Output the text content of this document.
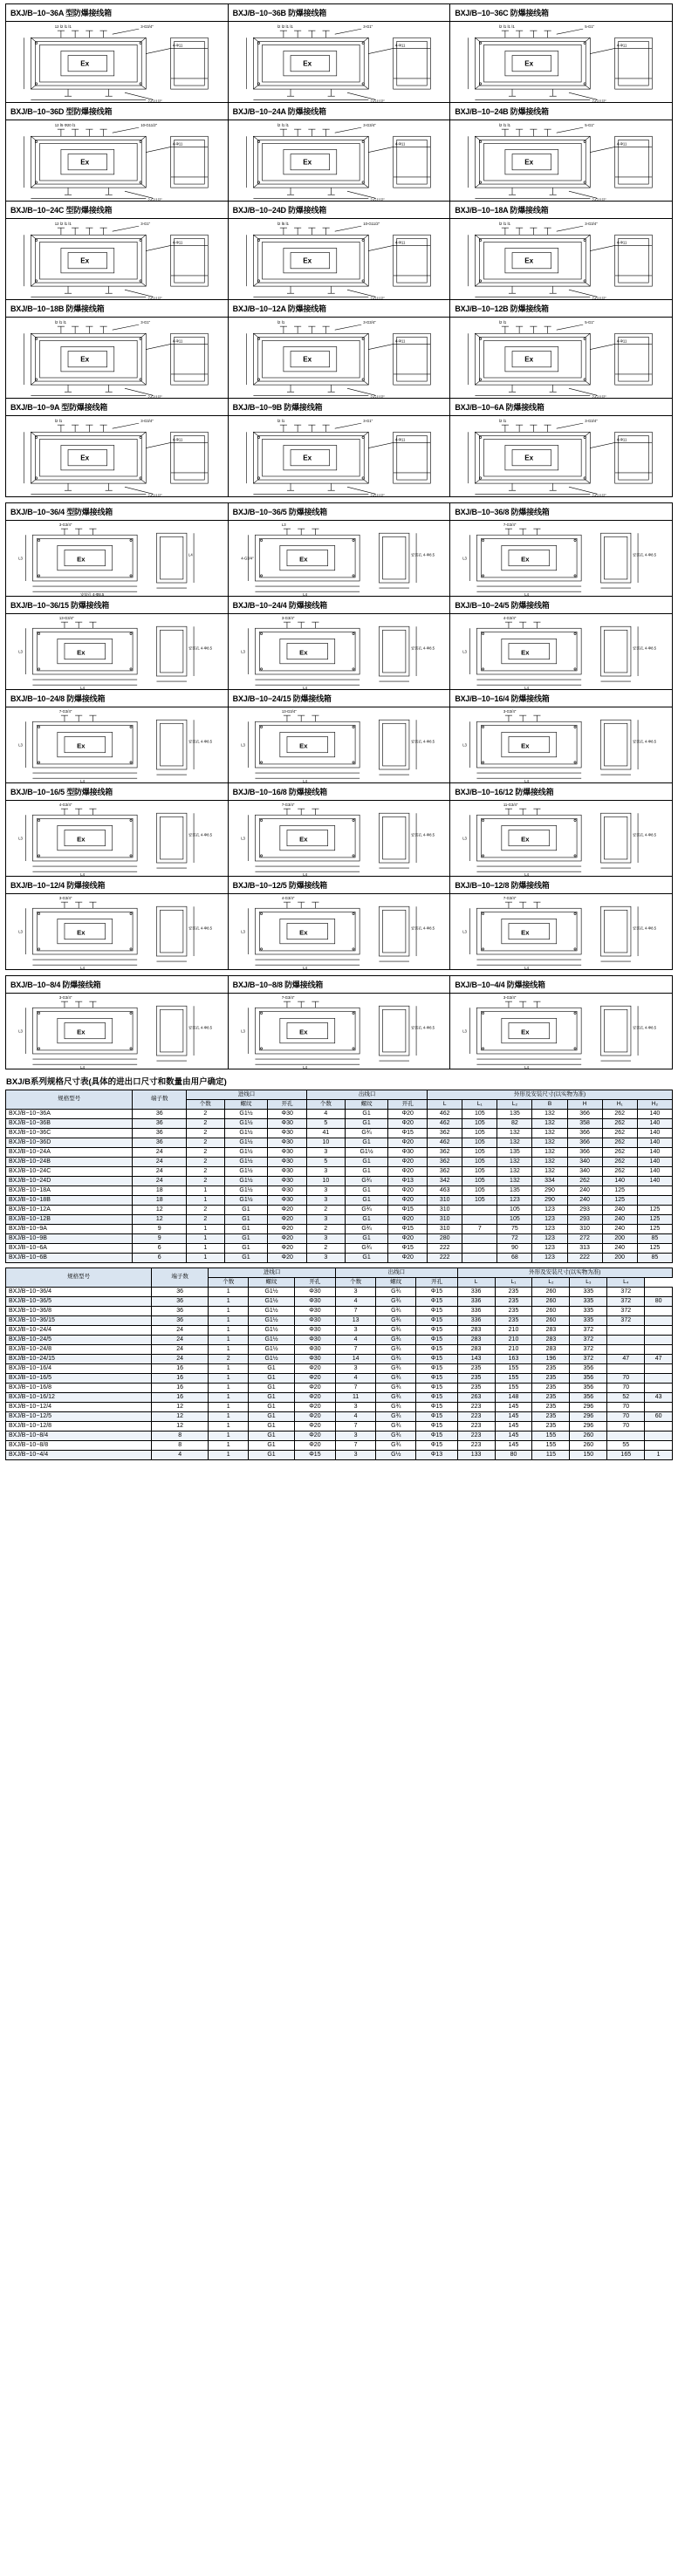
BXJ/B−10−36A 型防爆接线箱
12 Ⅰ2 Ⅰ1 Ⅰ1	3-G3/4"
4-Φ11
2-G11/2"
Ex
BXJ/B−10−36B 防爆接线箱
Ⅰ2 Ⅰ2 Ⅰ1 Ⅰ1	3-G1"
4-Φ11
2-G11/2"
Ex
BXJ/B−10−36C 防爆接线箱
Ⅰ2 Ⅰ1 Ⅰ1 Ⅰ1	5-G1"
4-Φ11
2-G11/2"
Ex
BXJ/B−10−36D 型防爆接线箱
12 Ⅰ5 Φ20 Ⅰ1	10-G11/2"
4-Φ11
2-G11/2"
Ex
BXJ/B−10−24A 防爆接线箱
Ⅰ2 Ⅰ1 Ⅰ1	3-G3/4"
4-Φ11
2-G11/2"
Ex
BXJ/B−10−24B 防爆接线箱
Ⅰ2 Ⅰ1 Ⅰ1	5-G1"
4-Φ11
2-G11/2"
Ex
BXJ/B−10−24C 型防爆接线箱
12 Ⅰ2 Ⅰ1 Ⅰ1	3-G1"
4-Φ11
2-G11/2"
Ex
BXJ/B−10−24D 防爆接线箱
Ⅰ2 Ⅰ5 Ⅰ1	10-G11/2"
4-Φ11
2-G11/2"
Ex
BXJ/B−10−18A 防爆接线箱
Ⅰ2 Ⅰ1 Ⅰ1	3-G3/4"
4-Φ11
2-G11/2"
Ex
BXJ/B−10−18B 防爆接线箱
Ⅰ2 Ⅰ1 Ⅰ1	3-G1"
4-Φ11
2-G11/2"
Ex
BXJ/B−10−12A 防爆接线箱
Ⅰ2 Ⅰ1	3-G3/4"
4-Φ11
2-G11/2"
Ex
BXJ/B−10−12B 防爆接线箱
Ⅰ2 Ⅰ1	5-G1"
4-Φ11
2-G11/2"
Ex
BXJ/B−10−9A 型防爆接线箱
Ⅰ2 Ⅰ1	3-G3/4"
4-Φ11
2-G11/2"
Ex
BXJ/B−10−9B 防爆接线箱
Ⅰ2 Ⅰ1	3-G1"
4-Φ11
2-G11/2"
Ex
BXJ/B−10−6A 防爆接线箱
Ⅰ2 Ⅰ1	3-G3/4"
4-Φ11
2-G11/2"
Ex
BXJ/B−10−36/4 型防爆接线箱
3-G3/4"
L3
L4
安装孔 4-Φ8.5
Ex
BXJ/B−10−36/5 防爆接线箱
L3
4-G3/4"
安装孔 4-Φ8.5
L4
Ex
BXJ/B−10−36/8 防爆接线箱
7-G3/4"
L3
安装孔 4-Φ8.5
L4
Ex
BXJ/B−10−36/15 防爆接线箱
13-G3/4"
L3
安装孔 4-Φ8.5
L4
Ex
BXJ/B−10−24/4 防爆接线箱
3-G3/4"
L3
安装孔 4-Φ8.5
L4
Ex
BXJ/B−10−24/5 防爆接线箱
4-G3/4"
L3
安装孔 4-Φ8.5
L4
Ex
BXJ/B−10−24/8 防爆接线箱
7-G3/4"
L3
安装孔 4-Φ8.5
L4
Ex
BXJ/B−10−24/15 防爆接线箱
13-G3/4"
L3
安装孔 4-Φ8.5
L4
Ex
BXJ/B−10−16/4 防爆接线箱
3-G3/4"
L3
安装孔 4-Φ8.5
L4
Ex
BXJ/B−10−16/5 型防爆接线箱
4-G3/4"
L3
安装孔 4-Φ8.5
L4
Ex
BXJ/B−10−16/8 防爆接线箱
7-G3/4"
L3
安装孔 4-Φ8.5
L4
Ex
BXJ/B−10−16/12 防爆接线箱
11-G3/4"
L3
安装孔 4-Φ8.5
L4
Ex
BXJ/B−10−12/4 防爆接线箱
3-G3/4"
L3
安装孔 4-Φ8.5
L4
Ex
BXJ/B−10−12/5 防爆接线箱
4-G3/4"
L3
安装孔 4-Φ8.5
L4
Ex
BXJ/B−10−12/8 防爆接线箱
7-G3/4"
L3
安装孔 4-Φ8.5
L4
Ex
BXJ/B−10−8/4 防爆接线箱
3-G3/4"
L3
安装孔 4-Φ8.5
L4
Ex
BXJ/B−10−8/8 防爆接线箱
7-G3/4"
L3
安装孔 4-Φ8.5
L4
Ex
BXJ/B−10−4/4 防爆接线箱
3-G3/4"
L3
安装孔 4-Φ8.5
L4
Ex
BXJ/B系列规格尺寸表(具体的进出口尺寸和数量由用户确定)
规格型号	端子数	进线口			出线口			外形及安装尺寸(以实物为准)						
		个数	螺纹	开孔	个数	螺纹	开孔	L	L₁	L₂	B	H	H₁	H₂
BXJ/B−10−36A	36	2	G1½	Φ30	4	G1	Φ20	462	105	135	132	366	262	140
BXJ/B−10−36B	36	2	G1½	Φ30	5	G1	Φ20	462	105	82	132	358	262	140
BXJ/B−10−36C	36	2	G1½	Φ30	41	G¾	Φ15	362	105	132	132	366	262	140
BXJ/B−10−36D	36	2	G1½	Φ30	10	G1	Φ20	462	105	132	132	366	262	140
BXJ/B−10−24A	24	2	G1½	Φ30	3	G1½	Φ30	362	105	135	132	366	262	140
BXJ/B−10−24B	24	2	G1½	Φ30	5	G1	Φ20	362	105	132	132	340	262	140
BXJ/B−10−24C	24	2	G1½	Φ30	3	G1	Φ20	362	105	132	132	340	262	140
BXJ/B−10−24D	24	2	G1½	Φ30	10	G¾	Φ13	342	105	132	334	262	140	140
BXJ/B−10−18A	18	1	G1½	Φ30	3	G1	Φ20	463	105	135	290	240	125	
BXJ/B−10−18B	18	1	G1½	Φ30	3	G1	Φ20	310	105	123	290	240	125	
BXJ/B−10−12A	12	2	G1	Φ20	2	G¾	Φ15	310		105	123	293	240	125
BXJ/B−10−12B	12	2	G1	Φ20	3	G1	Φ20	310		105	123	293	240	125
BXJ/B−10−9A	9	1	G1	Φ20	2	G¾	Φ15	310	7	75	123	310	240	125
BXJ/B−10−9B	9	1	G1	Φ20	3	G1	Φ20	280		72	123	272	200	85
BXJ/B−10−6A	6	1	G1	Φ20	2	G¾	Φ15	222		90	123	313	240	125
BXJ/B−10−6B	6	1	G1	Φ20	3	G1	Φ20	222		68	123	222	200	85
规格型号	端子数	进线口			出线口			外形及安装尺寸(以实物为准)					
		个数	螺纹	开孔	个数	螺纹	开孔	L	L₁	L₂	L₃	L₄	
BXJ/B−10−36/4	36	1	G1½	Φ30	3	G¾	Φ15	336	235	260	335	372	
BXJ/B−10−36/5	36	1	G1½	Φ30	4	G¾	Φ15	336	235	260	335	372	80
BXJ/B−10−36/8	36	1	G1½	Φ30	7	G¾	Φ15	336	235	260	335	372	
BXJ/B−10−36/15	36	1	G1½	Φ30	13	G¾	Φ15	336	235	260	335	372	
BXJ/B−10−24/4	24	1	G1½	Φ30	3	G¾	Φ15	283	210	283	372		
BXJ/B−10−24/5	24	1	G1½	Φ30	4	G¾	Φ15	283	210	283	372		
BXJ/B−10−24/8	24	1	G1½	Φ30	7	G¾	Φ15	283	210	283	372		
BXJ/B−10−24/15	24	2	G1½	Φ30	14	G¾	Φ15	143	163	196	372	47	47
BXJ/B−10−16/4	16	1	G1	Φ20	3	G¾	Φ15	235	155	235	356		
BXJ/B−10−16/5	16	1	G1	Φ20	4	G¾	Φ15	235	155	235	356	70	
BXJ/B−10−16/8	16	1	G1	Φ20	7	G¾	Φ15	235	155	235	356	70	
BXJ/B−10−16/12	16	1	G1	Φ20	11	G¾	Φ15	263	148	235	356	52	43
BXJ/B−10−12/4	12	1	G1	Φ20	3	G¾	Φ15	223	145	235	296	70	
BXJ/B−10−12/5	12	1	G1	Φ20	4	G¾	Φ15	223	145	235	296	70	60
BXJ/B−10−12/8	12	1	G1	Φ20	7	G¾	Φ15	223	145	235	296	70	
BXJ/B−10−8/4	8	1	G1	Φ20	3	G¾	Φ15	223	145	155	260		
BXJ/B−10−8/8	8	1	G1	Φ20	7	G¾	Φ15	223	145	155	260	55	
BXJ/B−10−4/4	4	1	G1	Φ15	3	G½	Φ13	133	80	115	150	165	1
